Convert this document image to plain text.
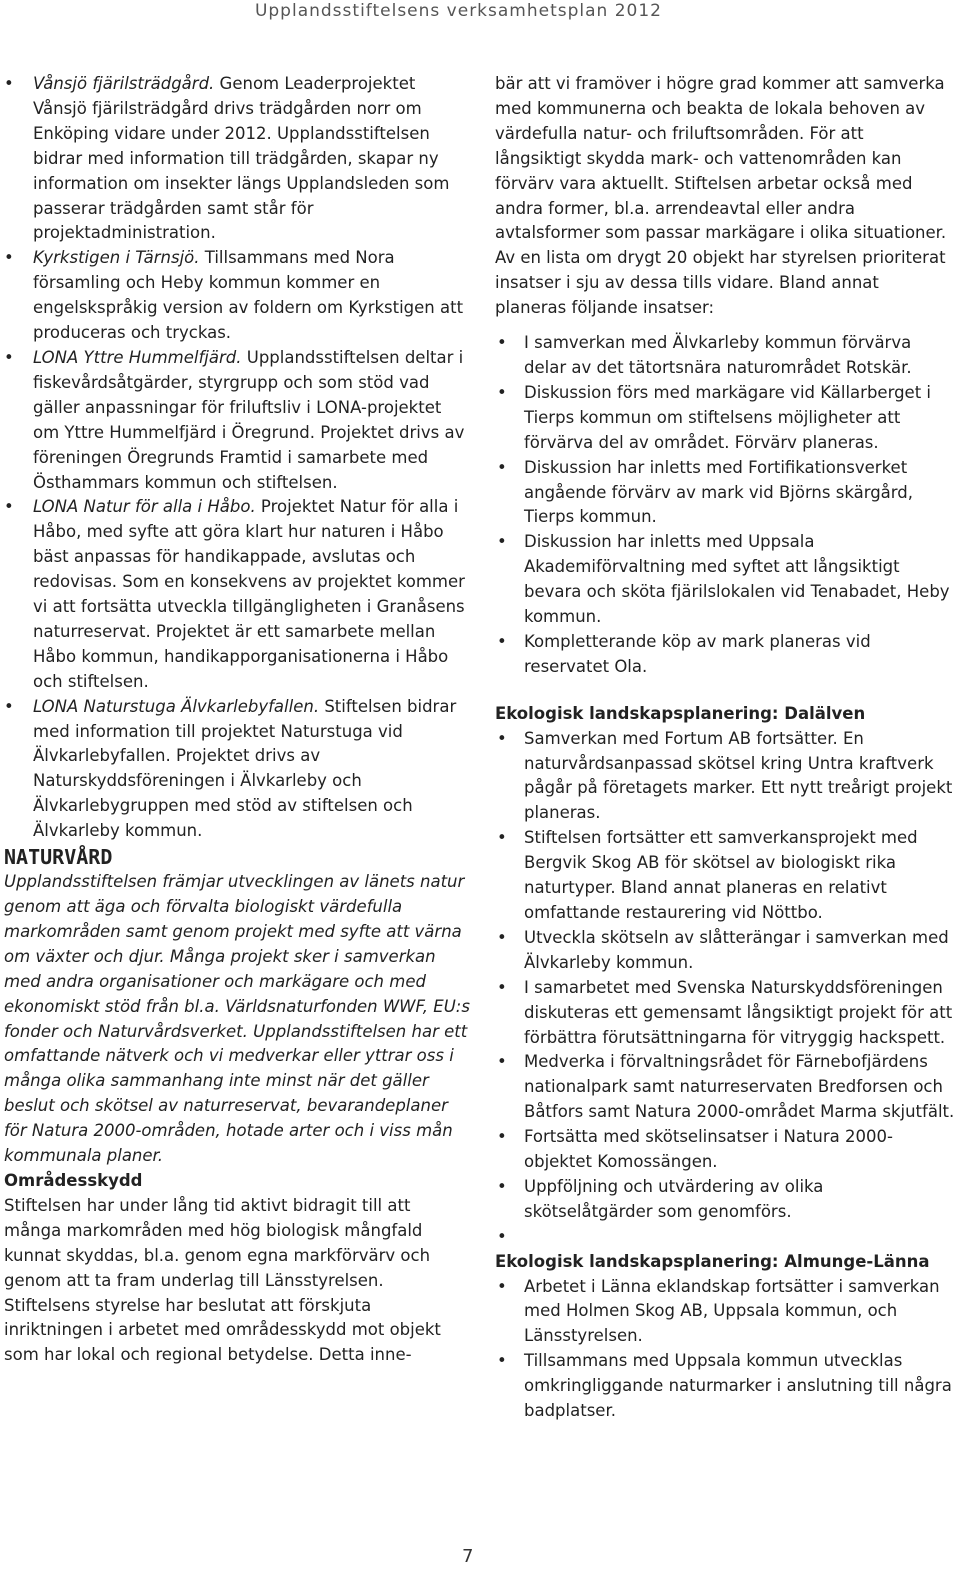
Upplandsstiftelsens verksamhetsplan 2012
• Vånsjö fjärilsträdgård. Genom Leaderprojektet Vånsjö fjärilsträdgård drivs trädgården norr om Enköping vidare under 2012. Upplandsstiftelsen bidrar med information till trädgården, skapar ny information om insekter längs Upplandsleden som passerar trädgården samt står för projektadministration.
• Kyrkstigen i Tärnsjö. Tillsammans med Nora församling och Heby kommun kommer en engelskspråkig version av foldern om Kyrkstigen att produceras och tryckas.
• LONA Yttre Hummelfjärd. Upplandsstiftelsen deltar i fiskevårdsåtgärder, styrgrupp och som stöd vad gäller anpassningar för friluftsliv i LONA-projektet om Yttre Hummelfjärd i Öregrund. Projektet drivs av föreningen Öregrunds Framtid i samarbete med Östhammars kommun och stiftelsen.
• LONA Natur för alla i Håbo. Projektet Natur för alla i Håbo, med syfte att göra klart hur naturen i Håbo bäst anpassas för handikappade, avslutas och redovisas. Som en konsekvens av projektet kommer vi att fortsätta utveckla tillgängligheten i Granåsens naturreservat. Projektet är ett samarbete mellan Håbo kommun, handikapporganisationerna i Håbo och stiftelsen.
• LONA Naturstuga Älvkarlebyfallen. Stiftelsen bidrar med information till projektet Naturstuga vid Älvkarlebyfallen. Projektet drivs av Naturskyddsföreningen i Älvkarleby och Älvkarlebygruppen med stöd av stiftelsen och Älvkarleby kommun.

NATURVÅRD

Upplandsstiftelsen främjar utvecklingen av länets natur genom att äga och förvalta biologiskt värdefulla markområden samt genom projekt med syfte att värna om växter och djur. Många projekt sker i samverkan med andra organisationer och markägare och med ekonomiskt stöd från bl.a. Världsnaturfonden WWF, EU:s fonder och Naturvårdsverket. Upplandsstiftelsen har ett omfattande nätverk och vi medverkar eller yttrar oss i många olika sammanhang inte minst när det gäller beslut och skötsel av naturreservat, bevarandeplaner för Natura 2000-områden, hotade arter och i viss mån kommunala planer.

Områdesskydd

Stiftelsen har under lång tid aktivt bidragit till att många markområden med hög biologisk mångfald kunnat skyddas, bl.a. genom egna markförvärv och genom att ta fram underlag till Länsstyrelsen. Stiftelsens styrelse har beslutat att förskjuta inriktningen i arbetet med områdesskydd mot objekt som har lokal och regional betydelse. Detta inne-

bär att vi framöver i högre grad kommer att samverka med kommunerna och beakta de lokala behoven av värdefulla natur- och friluftsområden. För att långsiktigt skydda mark- och vattenområden kan förvärv vara aktuellt. Stiftelsen arbetar också med andra former, bl.a. arrendeavtal eller andra avtalsformer som passar markägare i olika situationer. Av en lista om drygt 20 objekt har styrelsen prioriterat insatser i sju av dessa tills vidare. Bland annat planeras följande insatser:

• I samverkan med Älvkarleby kommun förvärva delar av det tätortsnära naturområdet Rotskär.
• Diskussion förs med markägare vid Källarberget i Tierps kommun om stiftelsens möjligheter att förvärva del av området. Förvärv planeras.
• Diskussion har inletts med Fortifikationsverket angående förvärv av mark vid Björns skärgård, Tierps kommun.
• Diskussion har inletts med Uppsala Akademiförvaltning med syftet att långsiktigt bevara och sköta fjärilslokalen vid Tenabadet, Heby kommun.
• Kompletterande köp av mark planeras vid reservatet Ola.

Ekologisk landskapsplanering: Dalälven

• Samverkan med Fortum AB fortsätter. En naturvårdsanpassad skötsel kring Untra kraftverk pågår på företagets marker. Ett nytt treårigt projekt planeras.
• Stiftelsen fortsätter ett samverkansprojekt med Bergvik Skog AB för skötsel av biologiskt rika naturtyper. Bland annat planeras en relativt omfattande restaurering vid Nöttbo.
• Utveckla skötseln av slåtterängar i samverkan med Älvkarleby kommun.
• I samarbetet med Svenska Naturskyddsföreningen diskuteras ett gemensamt långsiktigt projekt för att förbättra förutsättningarna för vitryggig hackspett.
• Medverka i förvaltningsrådet för Färnebofjärdens nationalpark samt naturreservaten Bredforsen och Båtfors samt Natura 2000-området Marma skjutfält.
• Fortsätta med skötselinsatser i Natura 2000-objektet Komossängen.
• Uppföljning och utvärdering av olika skötselåtgärder som genomförs.
•

Ekologisk landskapsplanering: Almunge-Länna

• Arbetet i Länna eklandskap fortsätter i samverkan med Holmen Skog AB, Uppsala kommun, och Länsstyrelsen.
• Tillsammans med Uppsala kommun utvecklas omkringliggande naturmarker i anslutning till några badplatser.
7
